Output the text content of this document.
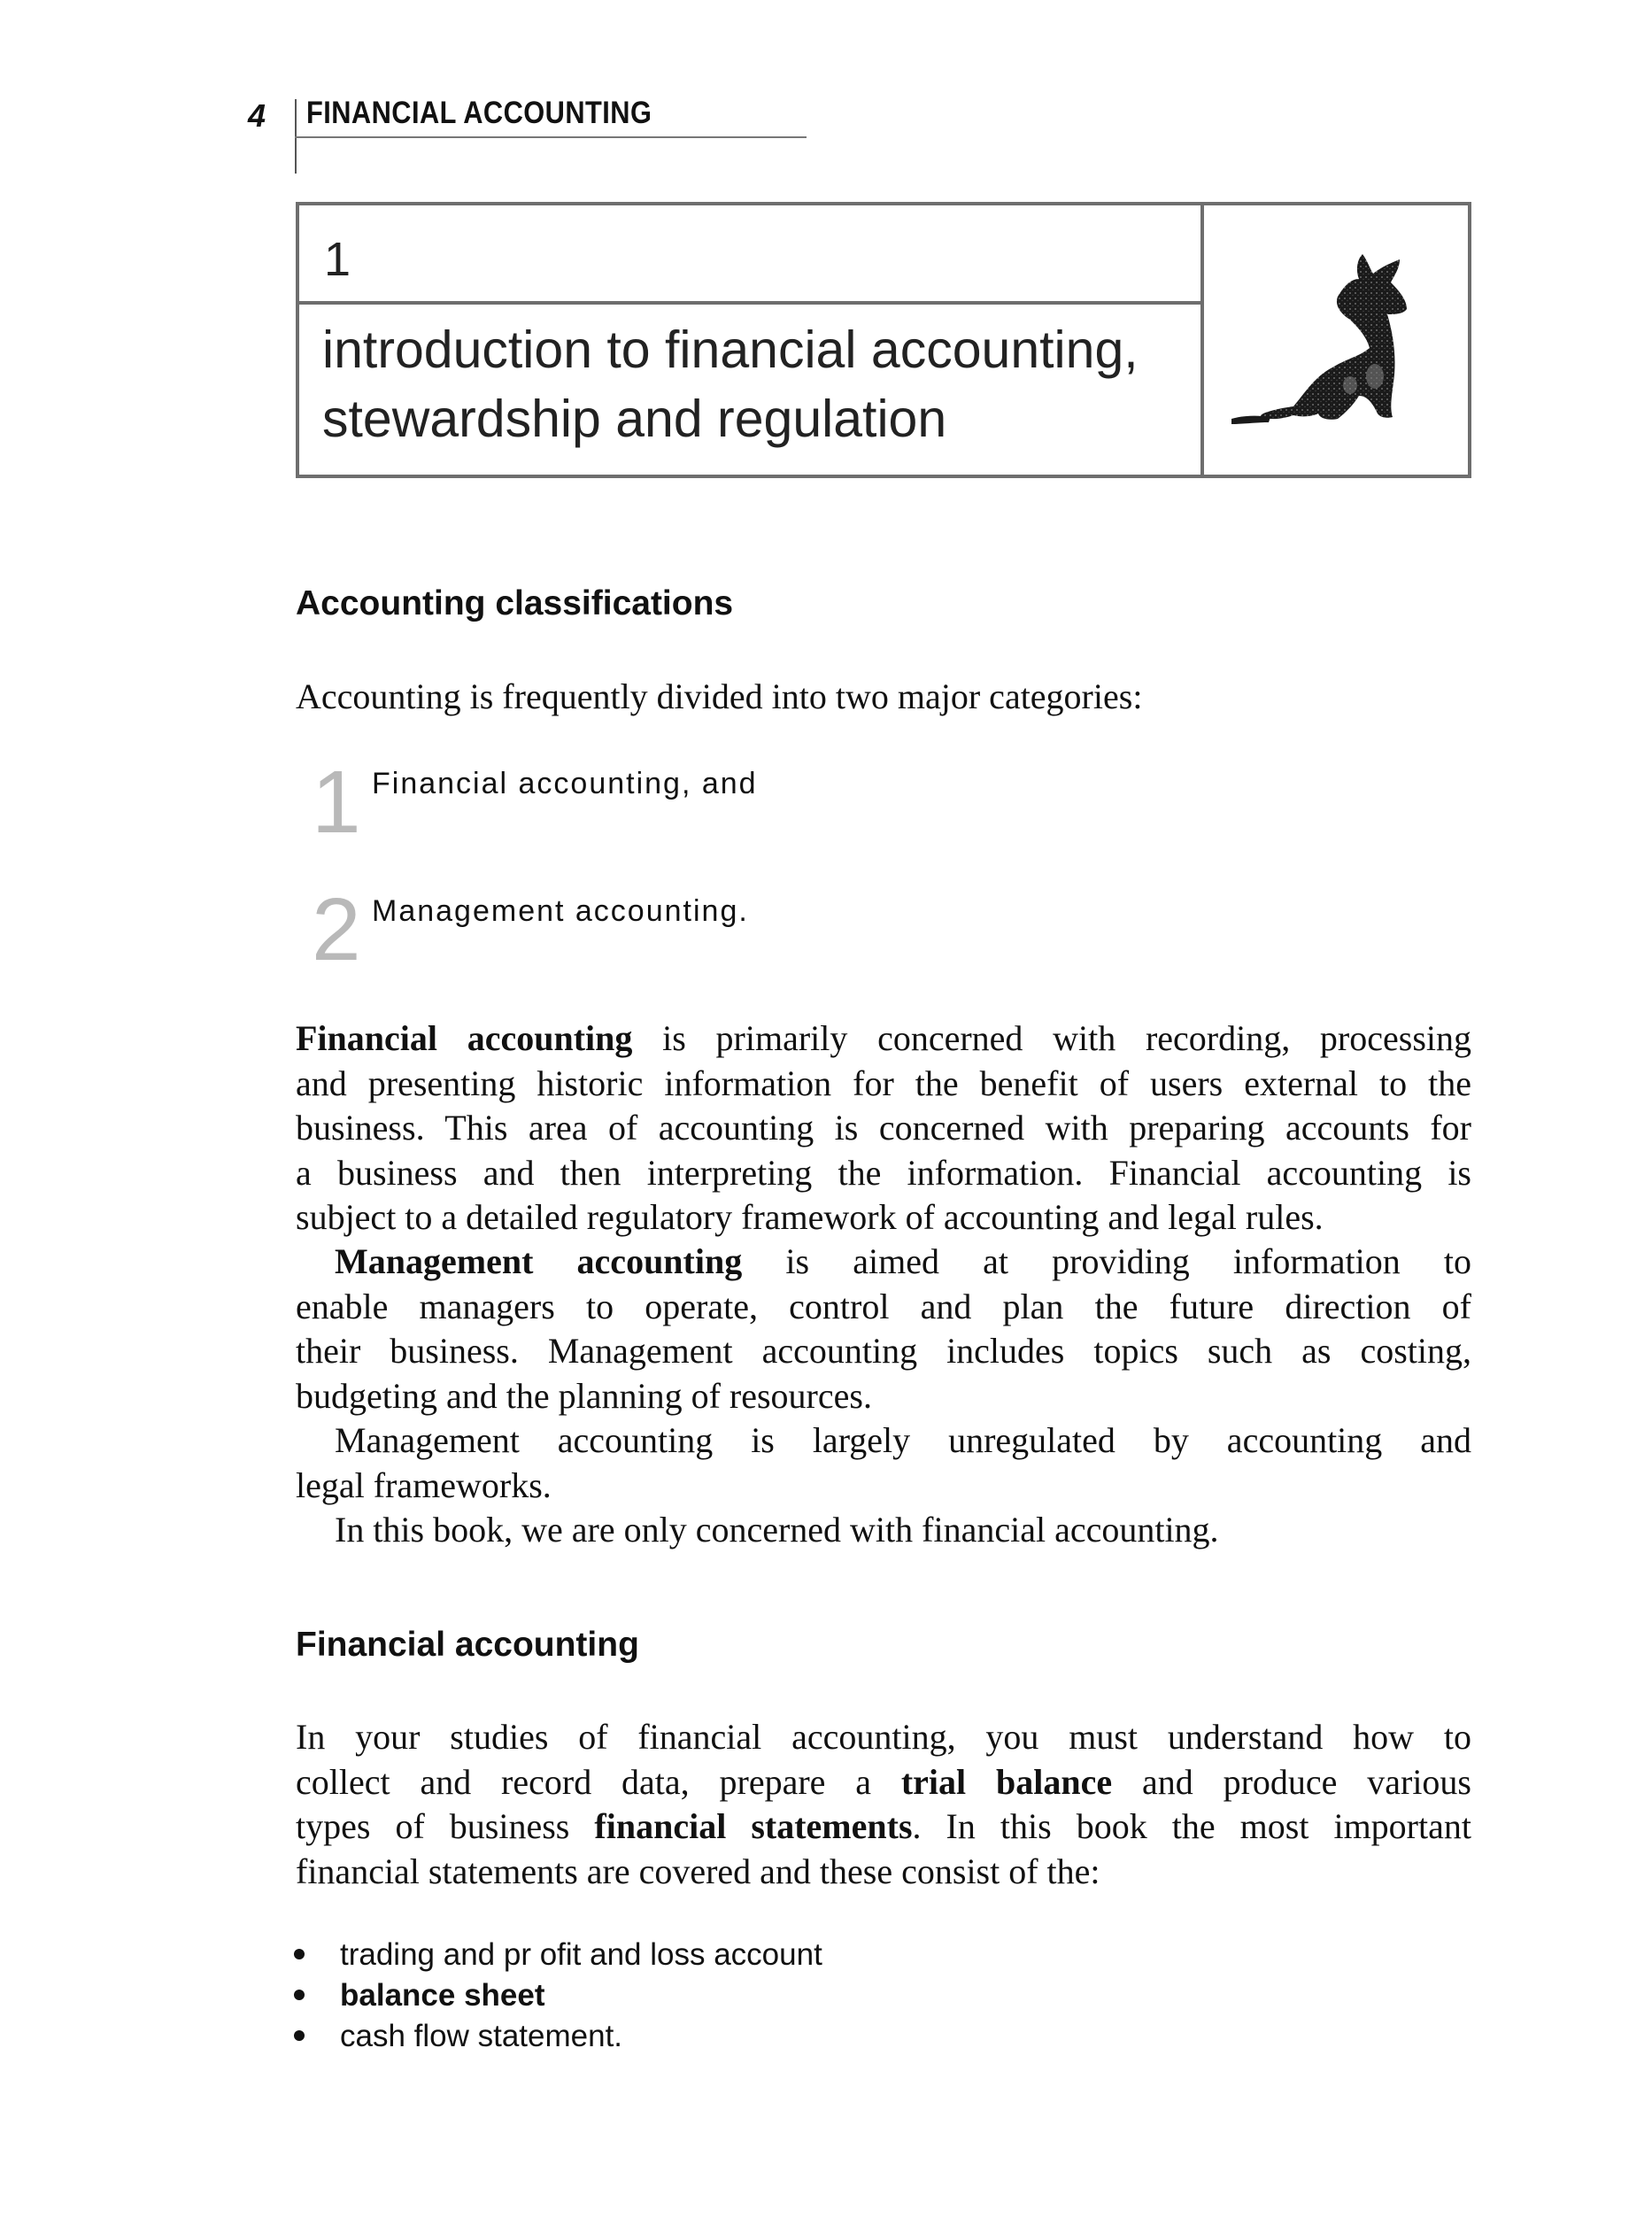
4 FINANCIAL ACCOUNTING
1
introduction to financial accounting,
stewardship and regulation
Accounting classifications
Accounting is frequently divided into two major categories:
1 Financial accounting, and
2 Management accounting.
Financial accounting is primarily concerned with recording, processing
and presenting historic information for the benefit of users external to the
business. This area of accounting is concerned with preparing accounts for
a business and then interpreting the information. Financial accounting is
subject to a detailed regulatory framework of accounting and legal rules.
Management accounting is aimed at providing information to
enable managers to operate, control and plan the future direction of
their business. Management accounting includes topics such as costing,
budgeting and the planning of resources.
Management accounting is largely unregulated by accounting and
legal frameworks.
In this book, we are only concerned with financial accounting.
Financial accounting
In your studies of financial accounting, you must understand how to
collect and record data, prepare a trial balance and produce various
types of business financial statements. In this book the most important
financial statements are covered and these consist of the:
trading and pr ofit and loss account
balance sheet
cash flow statement.
